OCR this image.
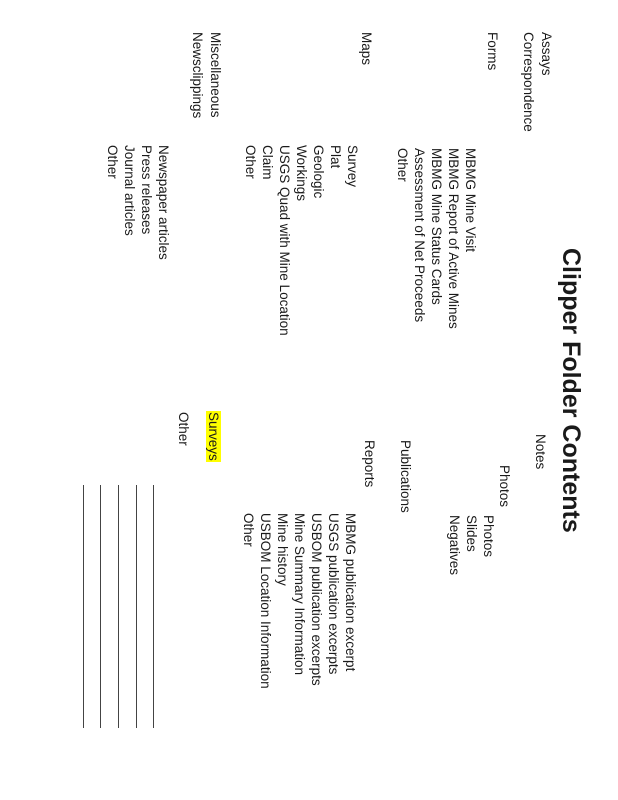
Clipper Folder Contents
Assays
Correspondence
Forms
MBMG Mine Visit
MBMG Report of Active Mines
MBMG Mine Status Cards
Assessment of Net Proceeds
Other
Maps
Survey
Plat
Geologic
Workings
USGS Quad with Mine Location
Claim
Other
Miscellaneous
Newsclippings
Newspaper articles
Press releases
Journal articles
Other
Notes
Photos
Photos
Slides
Negatives
Publications
Reports
MBMG publication excerpt
USGS publication excerpts
USBOM publication excerpts
Mine Summary Information
Mine history
USBOM Location Information
Other
Surveys
Other
